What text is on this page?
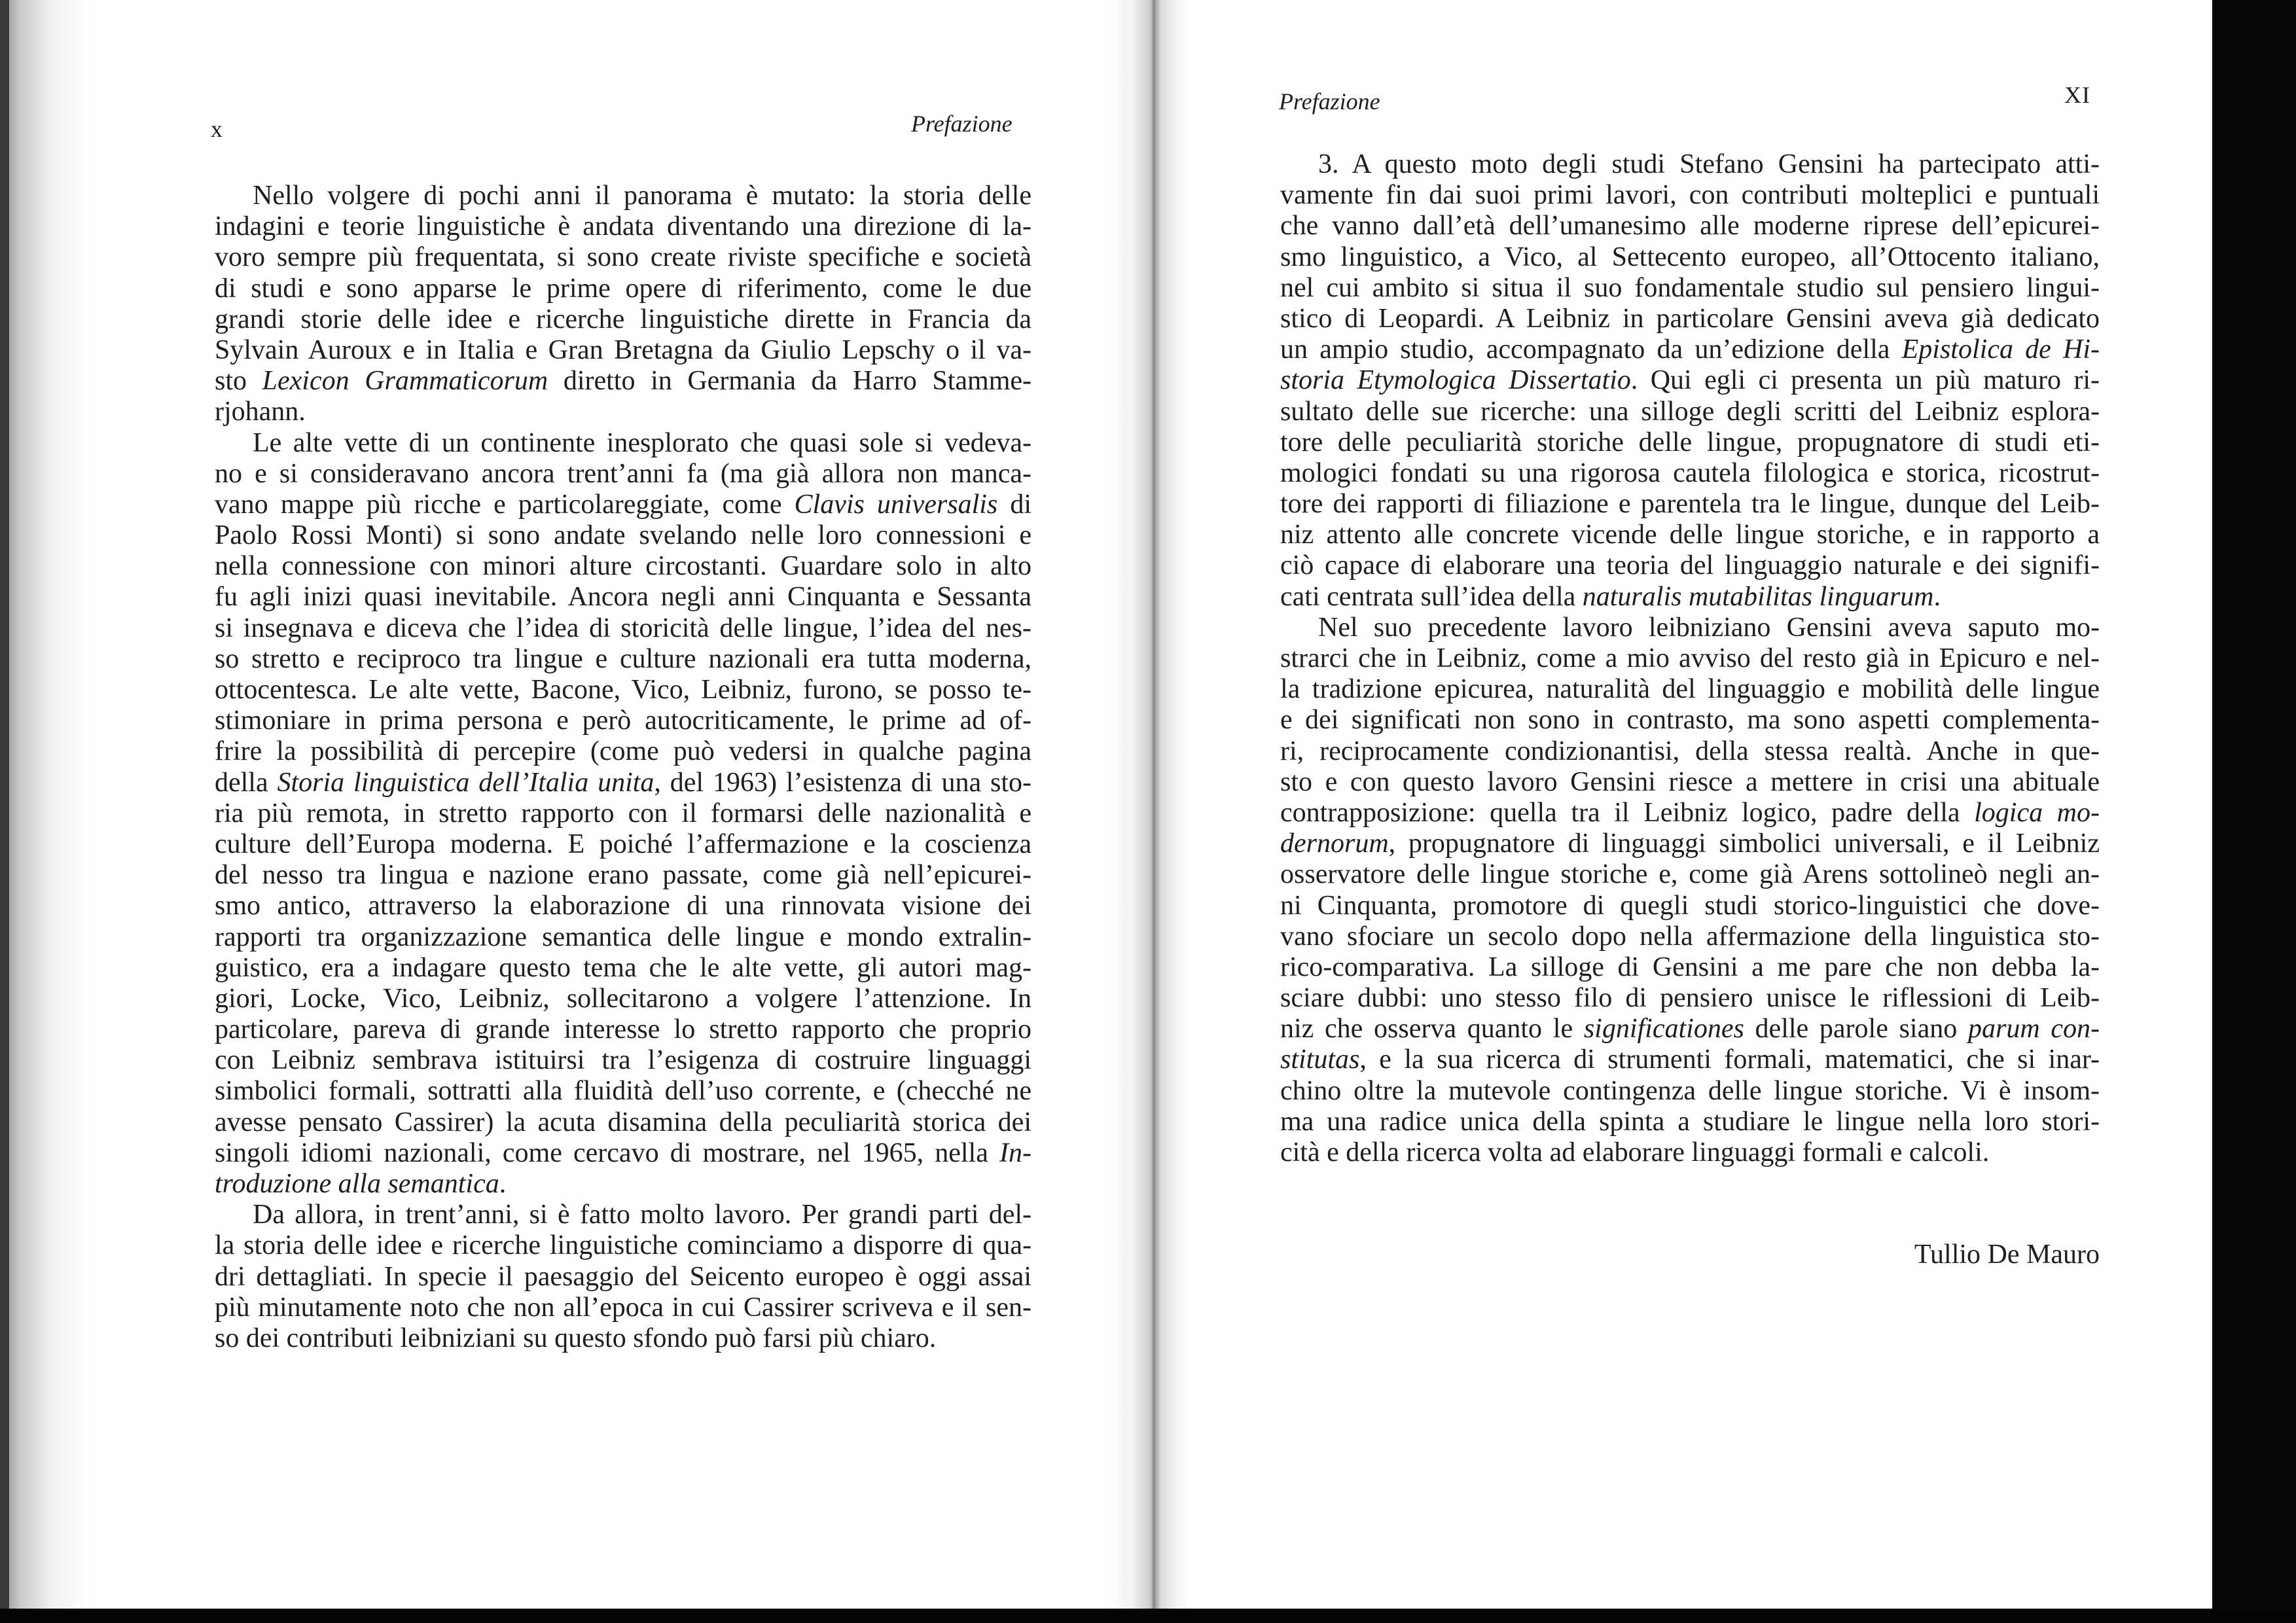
x	Prefazione
Nello volgere di pochi anni il panorama è mutato: la storia delle
indagini e teorie linguistiche è andata diventando una direzione di la-
voro sempre più frequentata, si sono create riviste specifiche e società
di studi e sono apparse le prime opere di riferimento, come le due
grandi storie delle idee e ricerche linguistiche dirette in Francia da
Sylvain Auroux e in Italia e Gran Bretagna da Giulio Lepschy o il va-
sto Lexicon Grammaticorum diretto in Germania da Harro Stamme-
rjohann.
Le alte vette di un continente inesplorato che quasi sole si vedeva-
no e si consideravano ancora trent’anni fa (ma già allora non manca-
vano mappe più ricche e particolareggiate, come Clavis universalis di
Paolo Rossi Monti) si sono andate svelando nelle loro connessioni e
nella connessione con minori alture circostanti. Guardare solo in alto
fu agli inizi quasi inevitabile. Ancora negli anni Cinquanta e Sessanta
si insegnava e diceva che l’idea di storicità delle lingue, l’idea del nes-
so stretto e reciproco tra lingue e culture nazionali era tutta moderna,
ottocentesca. Le alte vette, Bacone, Vico, Leibniz, furono, se posso te-
stimoniare in prima persona e però autocriticamente, le prime ad of-
frire la possibilità di percepire (come può vedersi in qualche pagina
della Storia linguistica dell’Italia unita, del 1963) l’esistenza di una sto-
ria più remota, in stretto rapporto con il formarsi delle nazionalità e
culture dell’Europa moderna. E poiché l’affermazione e la coscienza
del nesso tra lingua e nazione erano passate, come già nell’epicurei-
smo antico, attraverso la elaborazione di una rinnovata visione dei
rapporti tra organizzazione semantica delle lingue e mondo extralin-
guistico, era a indagare questo tema che le alte vette, gli autori mag-
giori, Locke, Vico, Leibniz, sollecitarono a volgere l’attenzione. In
particolare, pareva di grande interesse lo stretto rapporto che proprio
con Leibniz sembrava istituirsi tra l’esigenza di costruire linguaggi
simbolici formali, sottratti alla fluidità dell’uso corrente, e (checché ne
avesse pensato Cassirer) la acuta disamina della peculiarità storica dei
singoli idiomi nazionali, come cercavo di mostrare, nel 1965, nella In-
troduzione alla semantica.
Da allora, in trent’anni, si è fatto molto lavoro. Per grandi parti del-
la storia delle idee e ricerche linguistiche cominciamo a disporre di qua-
dri dettagliati. In specie il paesaggio del Seicento europeo è oggi assai
più minutamente noto che non all’epoca in cui Cassirer scriveva e il sen-
so dei contributi leibniziani su questo sfondo può farsi più chiaro.
Prefazione	XI
3. A questo moto degli studi Stefano Gensini ha partecipato atti-
vamente fin dai suoi primi lavori, con contributi molteplici e puntuali
che vanno dall’età dell’umanesimo alle moderne riprese dell’epicurei-
smo linguistico, a Vico, al Settecento europeo, all’Ottocento italiano,
nel cui ambito si situa il suo fondamentale studio sul pensiero lingui-
stico di Leopardi. A Leibniz in particolare Gensini aveva già dedicato
un ampio studio, accompagnato da un’edizione della Epistolica de Hi-
storia Etymologica Dissertatio. Qui egli ci presenta un più maturo ri-
sultato delle sue ricerche: una silloge degli scritti del Leibniz esplora-
tore delle peculiarità storiche delle lingue, propugnatore di studi eti-
mologici fondati su una rigorosa cautela filologica e storica, ricostrut-
tore dei rapporti di filiazione e parentela tra le lingue, dunque del Leib-
niz attento alle concrete vicende delle lingue storiche, e in rapporto a
ciò capace di elaborare una teoria del linguaggio naturale e dei signifi-
cati centrata sull’idea della naturalis mutabilitas linguarum.
Nel suo precedente lavoro leibniziano Gensini aveva saputo mo-
strarci che in Leibniz, come a mio avviso del resto già in Epicuro e nel-
la tradizione epicurea, naturalità del linguaggio e mobilità delle lingue
e dei significati non sono in contrasto, ma sono aspetti complementa-
ri, reciprocamente condizionantisi, della stessa realtà. Anche in que-
sto e con questo lavoro Gensini riesce a mettere in crisi una abituale
contrapposizione: quella tra il Leibniz logico, padre della logica mo-
dernorum, propugnatore di linguaggi simbolici universali, e il Leibniz
osservatore delle lingue storiche e, come già Arens sottolineò negli an-
ni Cinquanta, promotore di quegli studi storico-linguistici che dove-
vano sfociare un secolo dopo nella affermazione della linguistica sto-
rico-comparativa. La silloge di Gensini a me pare che non debba la-
sciare dubbi: uno stesso filo di pensiero unisce le riflessioni di Leib-
niz che osserva quanto le significationes delle parole siano parum con-
stitutas, e la sua ricerca di strumenti formali, matematici, che si inar-
chino oltre la mutevole contingenza delle lingue storiche. Vi è insom-
ma una radice unica della spinta a studiare le lingue nella loro stori-
cità e della ricerca volta ad elaborare linguaggi formali e calcoli.
Tullio De Mauro
